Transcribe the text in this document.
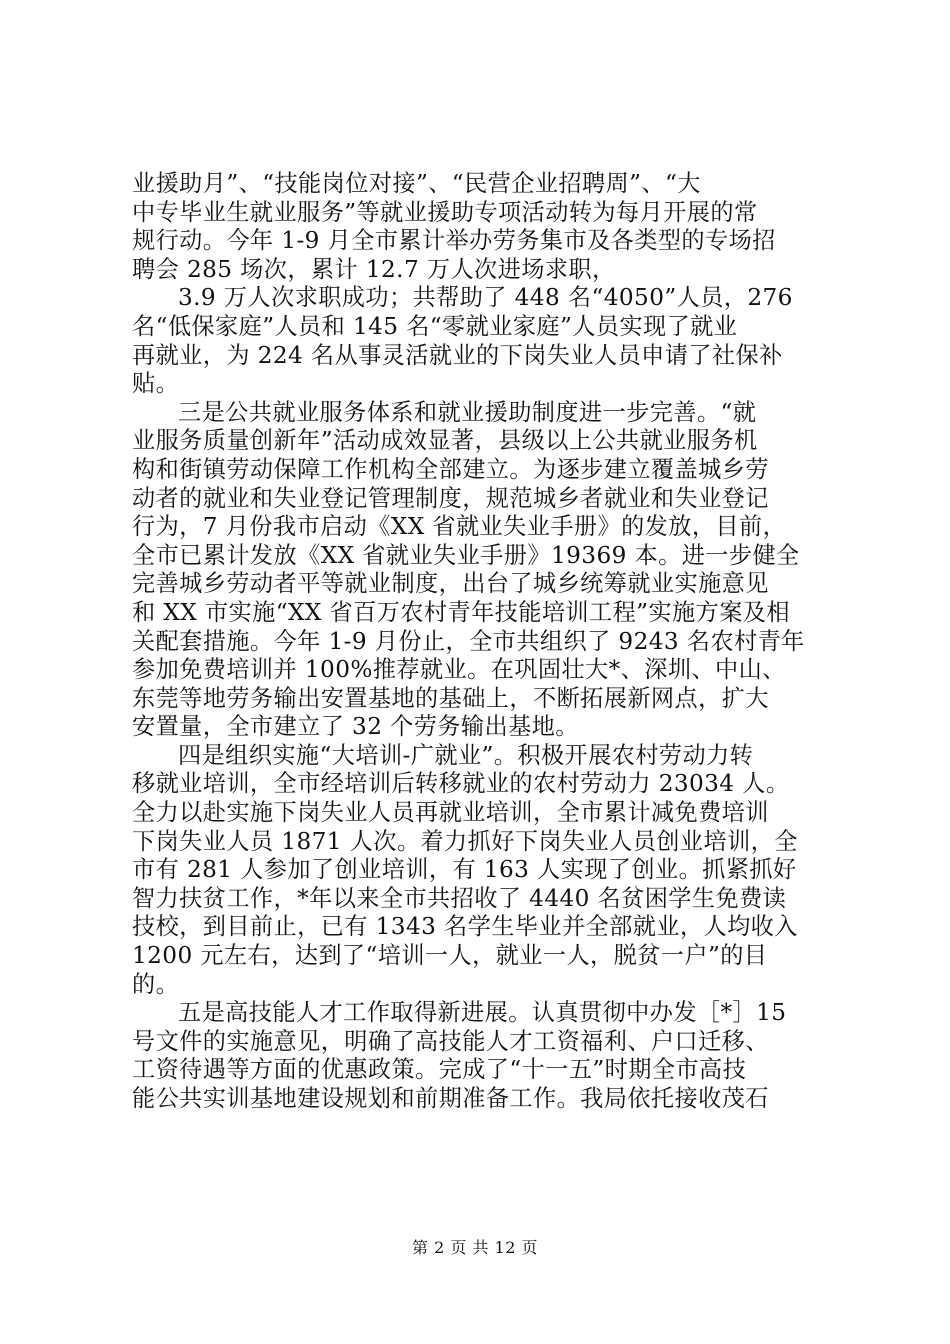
业援助月”、“技能岗位对接”、“民营企业招聘周”、“大
中专毕业生就业服务”等就业援助专项活动转为每月开展的常
规行动。今年 1-9 月全市累计举办劳务集市及各类型的专场招
聘会 285 场次，累计 12.7 万人次进场求职，
3.9 万人次求职成功；共帮助了 448 名“4050”人员，276
名“低保家庭”人员和 145 名“零就业家庭”人员实现了就业
再就业，为 224 名从事灵活就业的下岗失业人员申请了社保补
贴。
三是公共就业服务体系和就业援助制度进一步完善。“就
业服务质量创新年”活动成效显著，县级以上公共就业服务机
构和街镇劳动保障工作机构全部建立。为逐步建立覆盖城乡劳
动者的就业和失业登记管理制度，规范城乡者就业和失业登记
行为，7 月份我市启动《XX 省就业失业手册》的发放，目前，
全市已累计发放《XX 省就业失业手册》19369 本。进一步健全
完善城乡劳动者平等就业制度，出台了城乡统筹就业实施意见
和 XX 市实施“XX 省百万农村青年技能培训工程”实施方案及相
关配套措施。今年 1-9 月份止，全市共组织了 9243 名农村青年
参加免费培训并 100%推荐就业。在巩固壮大*、深圳、中山、
东莞等地劳务输出安置基地的基础上，不断拓展新网点，扩大
安置量，全市建立了 32 个劳务输出基地。
四是组织实施“大培训-广就业”。积极开展农村劳动力转
移就业培训，全市经培训后转移就业的农村劳动力 23034 人。
全力以赴实施下岗失业人员再就业培训，全市累计减免费培训
下岗失业人员 1871 人次。着力抓好下岗失业人员创业培训，全
市有 281 人参加了创业培训，有 163 人实现了创业。抓紧抓好
智力扶贫工作，*年以来全市共招收了 4440 名贫困学生免费读
技校，到目前止，已有 1343 名学生毕业并全部就业，人均收入
1200 元左右，达到了“培训一人，就业一人，脱贫一户”的目
的。
五是高技能人才工作取得新进展。认真贯彻中办发［*］15
号文件的实施意见，明确了高技能人才工资福利、户口迁移、
工资待遇等方面的优惠政策。完成了“十一五”时期全市高技
能公共实训基地建设规划和前期准备工作。我局依托接收茂石
第 2 页 共 12 页
